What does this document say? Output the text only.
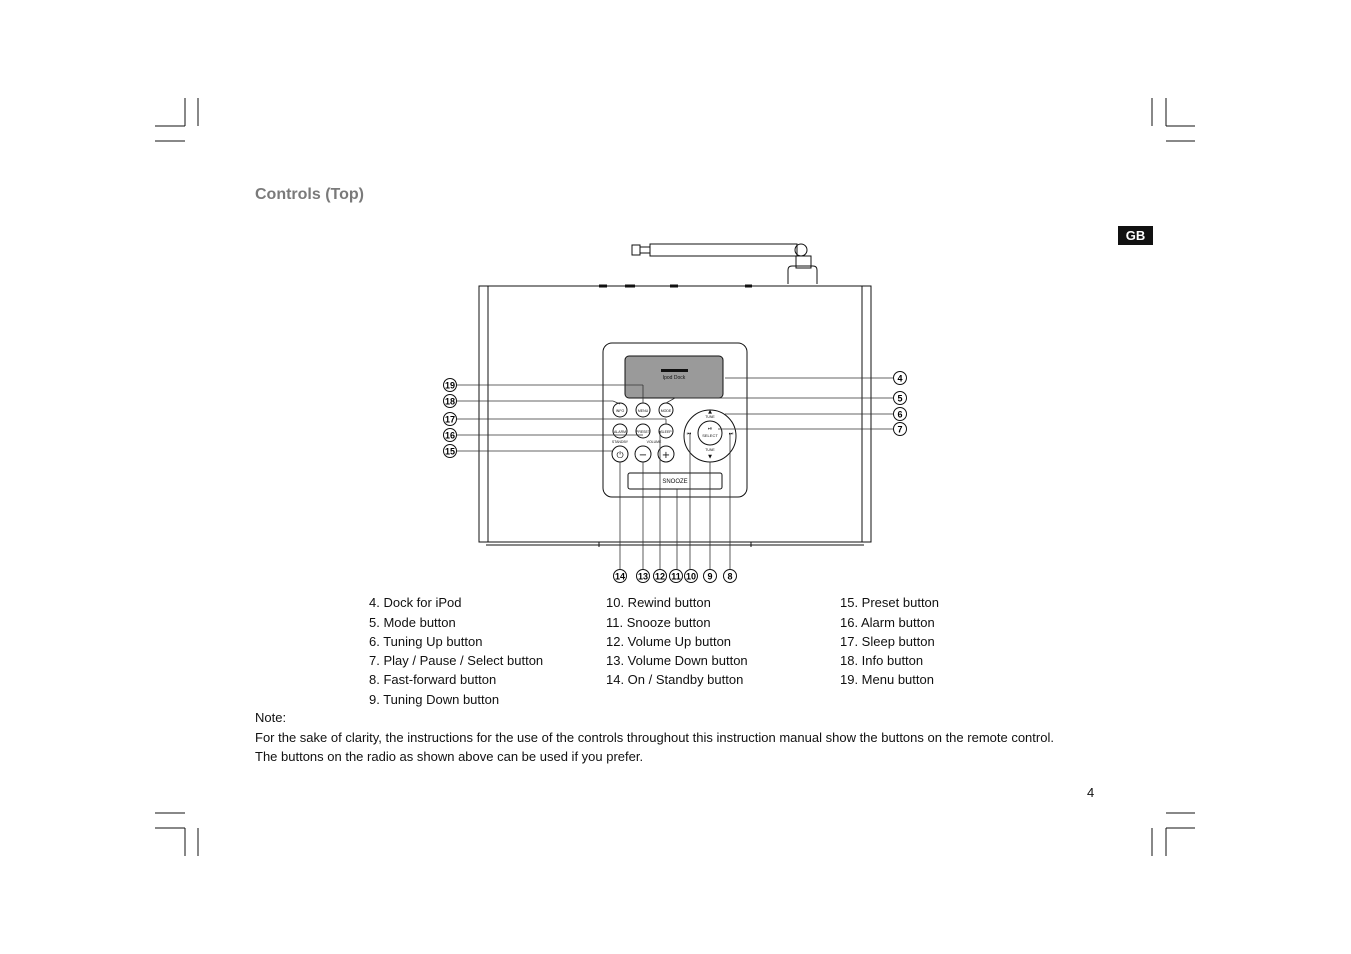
Ipod Dock
INFO	MENU	MODE
ALARM	PRESET	SLEEP
STANDBY	VOLUME
TUNE
TUNE
SELECT
SNOOZE
⏻ − +
▲
▼
⏮	⏭
⏯
19
18
17
16
15
4
5
6
7
14 13 12 11 10 9 8
Controls (Top)
GB
4. Dock for iPod
5. Mode button
6. Tuning Up button
7. Play / Pause / Select button
8. Fast-forward button
9. Tuning Down button
10. Rewind button
11. Snooze button
12. Volume Up button
13. Volume Down button
14. On / Standby button
15. Preset button
16. Alarm button
17. Sleep button
18. Info button
19. Menu button
Note:
For the sake of clarity, the instructions for the use of the controls throughout this instruction manual show the buttons on the remote control.
The buttons on the radio as shown above can be used if you prefer.
4
